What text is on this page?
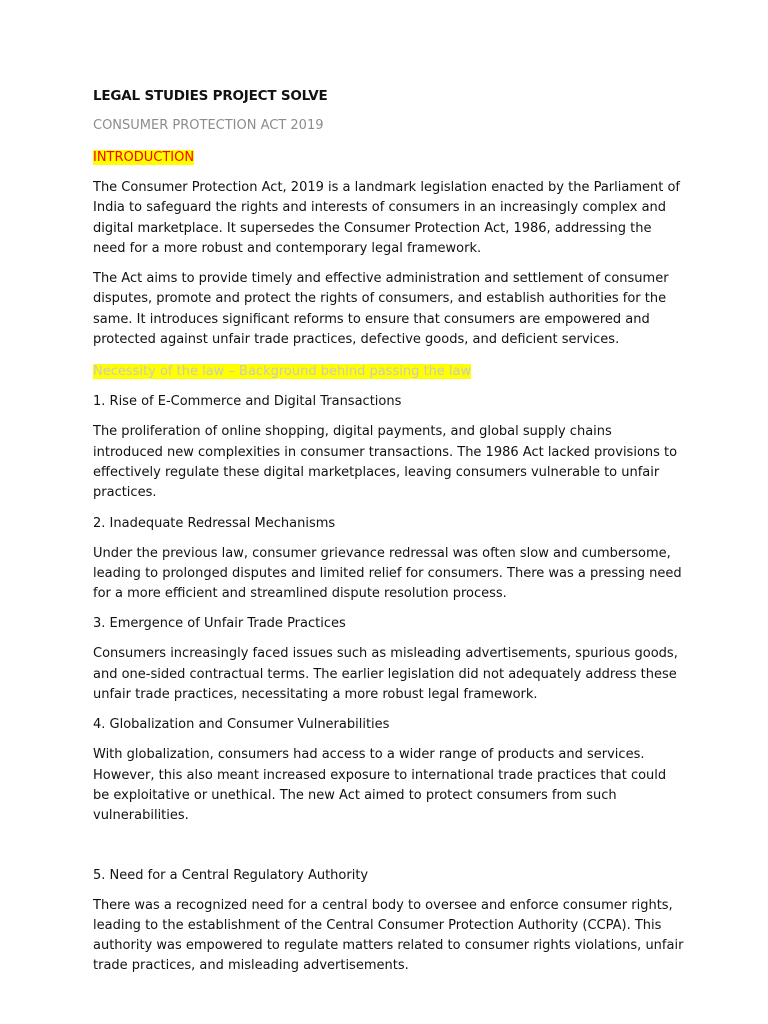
LEGAL STUDIES PROJECT SOLVE
CONSUMER PROTECTION ACT 2019
INTRODUCTION

The Consumer Protection Act, 2019 is a landmark legislation enacted by the Parliament of India to safeguard the rights and interests of consumers in an increasingly complex and digital marketplace. It supersedes the Consumer Protection Act, 1986, addressing the need for a more robust and contemporary legal framework.

The Act aims to provide timely and effective administration and settlement of consumer disputes, promote and protect the rights of consumers, and establish authorities for the same. It introduces significant reforms to ensure that consumers are empowered and protected against unfair trade practices, defective goods, and deficient services.

Necessity of the law – Background behind passing the law

1. Rise of E-Commerce and Digital Transactions

The proliferation of online shopping, digital payments, and global supply chains introduced new complexities in consumer transactions. The 1986 Act lacked provisions to effectively regulate these digital marketplaces, leaving consumers vulnerable to unfair practices.

2. Inadequate Redressal Mechanisms

Under the previous law, consumer grievance redressal was often slow and cumbersome, leading to prolonged disputes and limited relief for consumers. There was a pressing need for a more efficient and streamlined dispute resolution process.

3. Emergence of Unfair Trade Practices

Consumers increasingly faced issues such as misleading advertisements, spurious goods, and one-sided contractual terms. The earlier legislation did not adequately address these unfair trade practices, necessitating a more robust legal framework.

4. Globalization and Consumer Vulnerabilities

With globalization, consumers had access to a wider range of products and services. However, this also meant increased exposure to international trade practices that could be exploitative or unethical. The new Act aimed to protect consumers from such vulnerabilities.

5. Need for a Central Regulatory Authority

There was a recognized need for a central body to oversee and enforce consumer rights, leading to the establishment of the Central Consumer Protection Authority (CCPA). This authority was empowered to regulate matters related to consumer rights violations, unfair trade practices, and misleading advertisements.
